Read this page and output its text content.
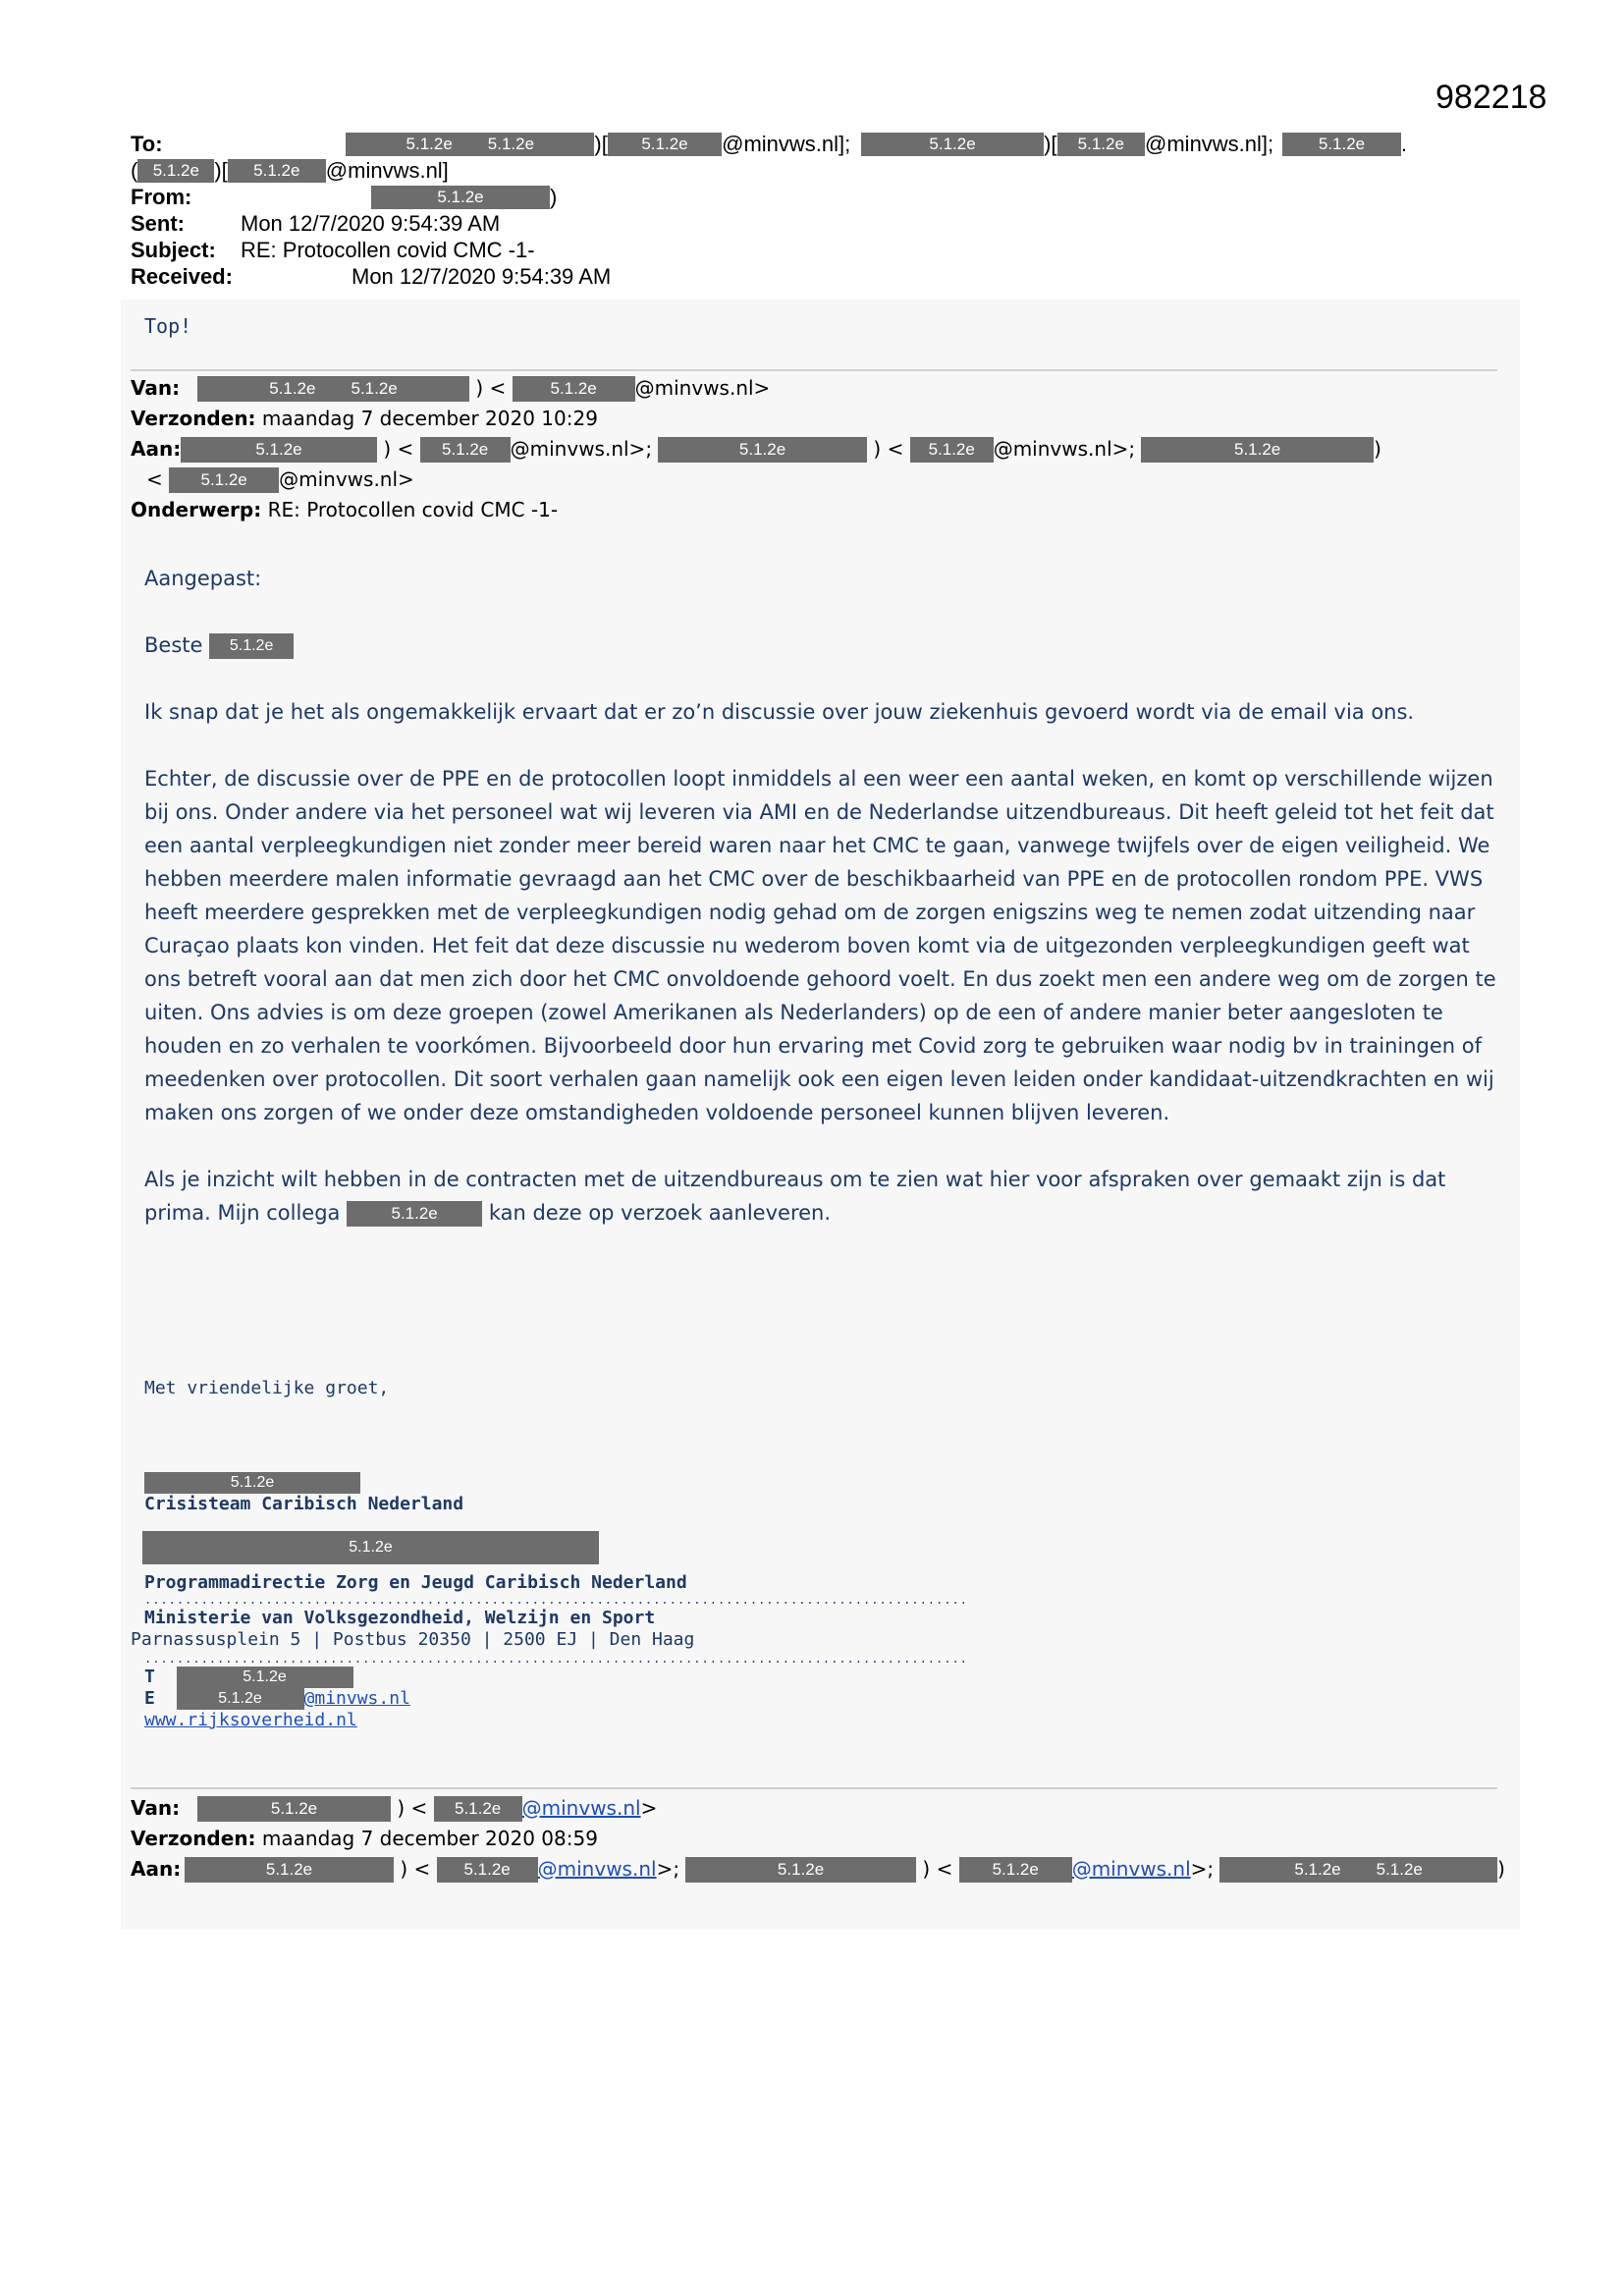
982218
To:	5.1.2e 5.1.2e	)[	5.1.2e	@minvws.nl];	5.1.2e	)[	5.1.2e @minvws.nl];	5.1.2e	.
( 5.1.2e )[	5.1.2e	@minvws.nl]
From:	5.1.2e	)
Sent:	Mon 12/7/2020 9:54:39 AM
Subject:	RE: Protocollen covid CMC -1-
Received:	Mon 12/7/2020 9:54:39 AM
Top!
Van:	5.1.2e 5.1.2e	) <	5.1.2e	@minvws.nl>
Verzonden:
maandag 7 december 2020 10:29
Aan:	5.1.2e	) <	5.1.2e	@minvws.nl>;	5.1.2e	) <	5.1.2e @minvws.nl>;	5.1.2e	)
<	5.1.2e	@minvws.nl>
Onderwerp:
RE: Protocollen covid CMC -1-

Aangepast:

Beste 5.1.2e

Ik snap dat je het als ongemakkelijk ervaart dat er zo’n discussie over jouw ziekenhuis gevoerd wordt via de email via ons.

Echter, de discussie over de PPE en de protocollen loopt inmiddels al een weer een aantal weken, en komt op verschillende wijzen bij ons. Onder andere via het personeel wat wij leveren via AMI en de Nederlandse uitzendbureaus. Dit heeft geleid tot het feit dat een aantal verpleegkundigen niet zonder meer bereid waren naar het CMC te gaan, vanwege twijfels over de eigen veiligheid. We hebben meerdere malen informatie gevraagd aan het CMC over de beschikbaarheid van PPE en de protocollen rondom PPE. VWS heeft meerdere gesprekken met de verpleegkundigen nodig gehad om de zorgen enigszins weg te nemen zodat uitzending naar Curaçao plaats kon vinden. Het feit dat deze discussie nu wederom boven komt via de uitgezonden verpleegkundigen geeft wat ons betreft vooral aan dat men zich door het CMC onvoldoende gehoord voelt. En dus zoekt men een andere weg om de zorgen te uiten. Ons advies is om deze groepen (zowel Amerikanen als Nederlanders) op de een of andere manier beter aangesloten te houden en zo verhalen te voorkómen. Bijvoorbeeld door hun ervaring met Covid zorg te gebruiken waar nodig bv in trainingen of meedenken over protocollen. Dit soort verhalen gaan namelijk ook een eigen leven leiden onder kandidaat-uitzendkrachten en wij maken ons zorgen of we onder deze omstandigheden voldoende personeel kunnen blijven leveren.

Als je inzicht wilt hebben in de contracten met de uitzendbureaus om te zien wat hier voor afspraken over gemaakt zijn is dat prima. Mijn collega	5.1.2e kan deze op verzoek aanleveren.

Met vriendelijke groet,
5.1.2e
Crisisteam Caribisch Nederland
5.1.2e
Programmadirectie Zorg en Jeugd Caribisch Nederland
......................................................................................................
Ministerie van Volksgezondheid, Welzijn en Sport
Parnassusplein 5 | Postbus 20350 | 2500 EJ | Den Haag
......................................................................................................
T	5.1.2e
E	5.1.2e @minvws.nl
www.rijksoverheid.nl
Van:	5.1.2e	) <	5.1.2e	@minvws.nl >
Verzonden:
maandag 7 december 2020 08:59
Aan:	5.1.2e	) <	5.1.2e	@minvws.nl >;	5.1.2e	) <	5.1.2e	@minvws.nl >;	5.1.2e 5.1.2e	)
